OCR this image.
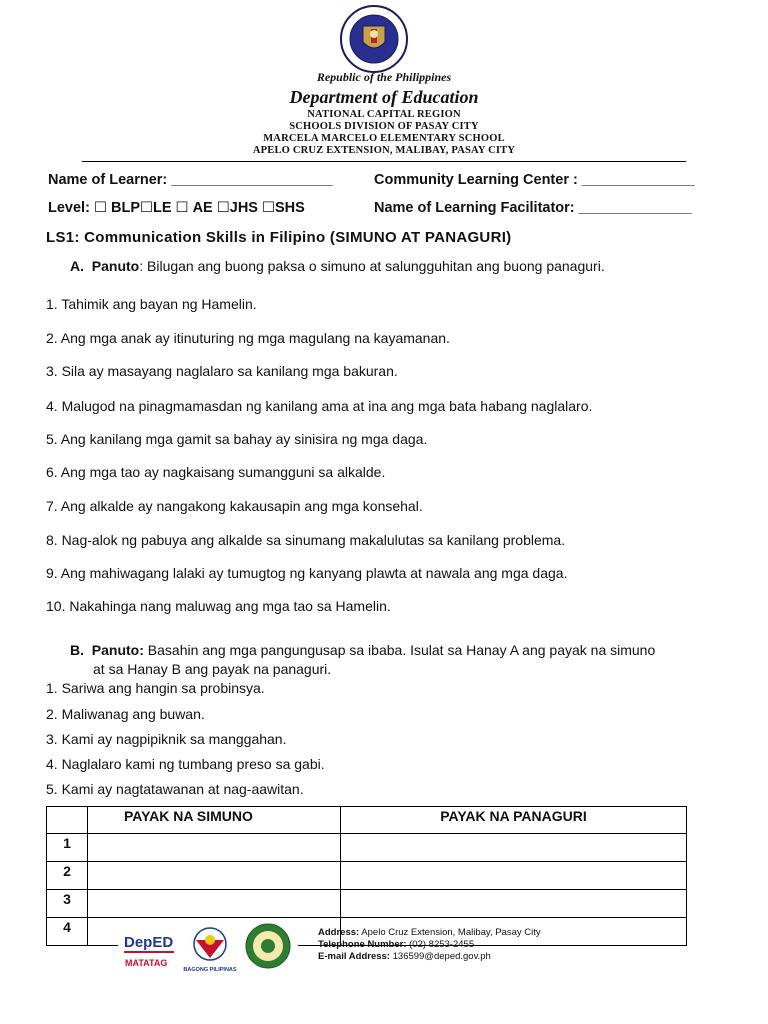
Republic of the Philippines
Department of Education
NATIONAL CAPITAL REGION
SCHOOLS DIVISION OF PASAY CITY
MARCELA MARCELO ELEMENTARY SCHOOL
APELO CRUZ EXTENSION, MALIBAY, PASAY CITY
Name of Learner: ____________________	Community Learning Center : ______________
Level: ☐ BLP☐LE ☐ AE ☐JHS ☐SHS	Name of Learning Facilitator: ______________
LS1: Communication Skills in Filipino (SIMUNO AT PANAGURI)
A. Panuto: Bilugan ang buong paksa o simuno at salungguhitan ang buong panaguri.
1. Tahimik ang bayan ng Hamelin.
2. Ang mga anak ay itinuturing ng mga magulang na kayamanan.
3. Sila ay masayang naglalaro sa kanilang mga bakuran.
4. Malugod na pinagmamasdan ng kanilang ama at ina ang mga bata habang naglalaro.
5. Ang kanilang mga gamit sa bahay ay sinisira ng mga daga.
6. Ang mga tao ay nagkaisang sumangguni sa alkalde.
7. Ang alkalde ay nangakong kakausapin ang mga konsehal.
8. Nag-alok ng pabuya ang alkalde sa sinumang makalulutas sa kanilang problema.
9. Ang mahiwagang lalaki ay tumugtog ng kanyang plawta at nawala ang mga daga.
10. Nakahinga nang maluwag ang mga tao sa Hamelin.
B. Panuto: Basahin ang mga pangungusap sa ibaba. Isulat sa Hanay A ang payak na simuno
at sa Hanay B ang payak na panaguri.
1. Sariwa ang hangin sa probinsya.
2. Maliwanag ang buwan.
3. Kami ay nagpipiknik sa manggahan.
4. Naglalaro kami ng tumbang preso sa gabi.
5. Kami ay nagtatawanan at nag-aawitan.
	PAYAK NA SIMUNO	PAYAK NA PANAGURI
1		
2		
3		
4		
DepED
MATATAG
BAGONG PILIPINAS
Address: Apelo Cruz Extension, Malibay, Pasay City
Telephone Number: (02) 8253-2455
E-mail Address: 136599@deped.gov.ph
